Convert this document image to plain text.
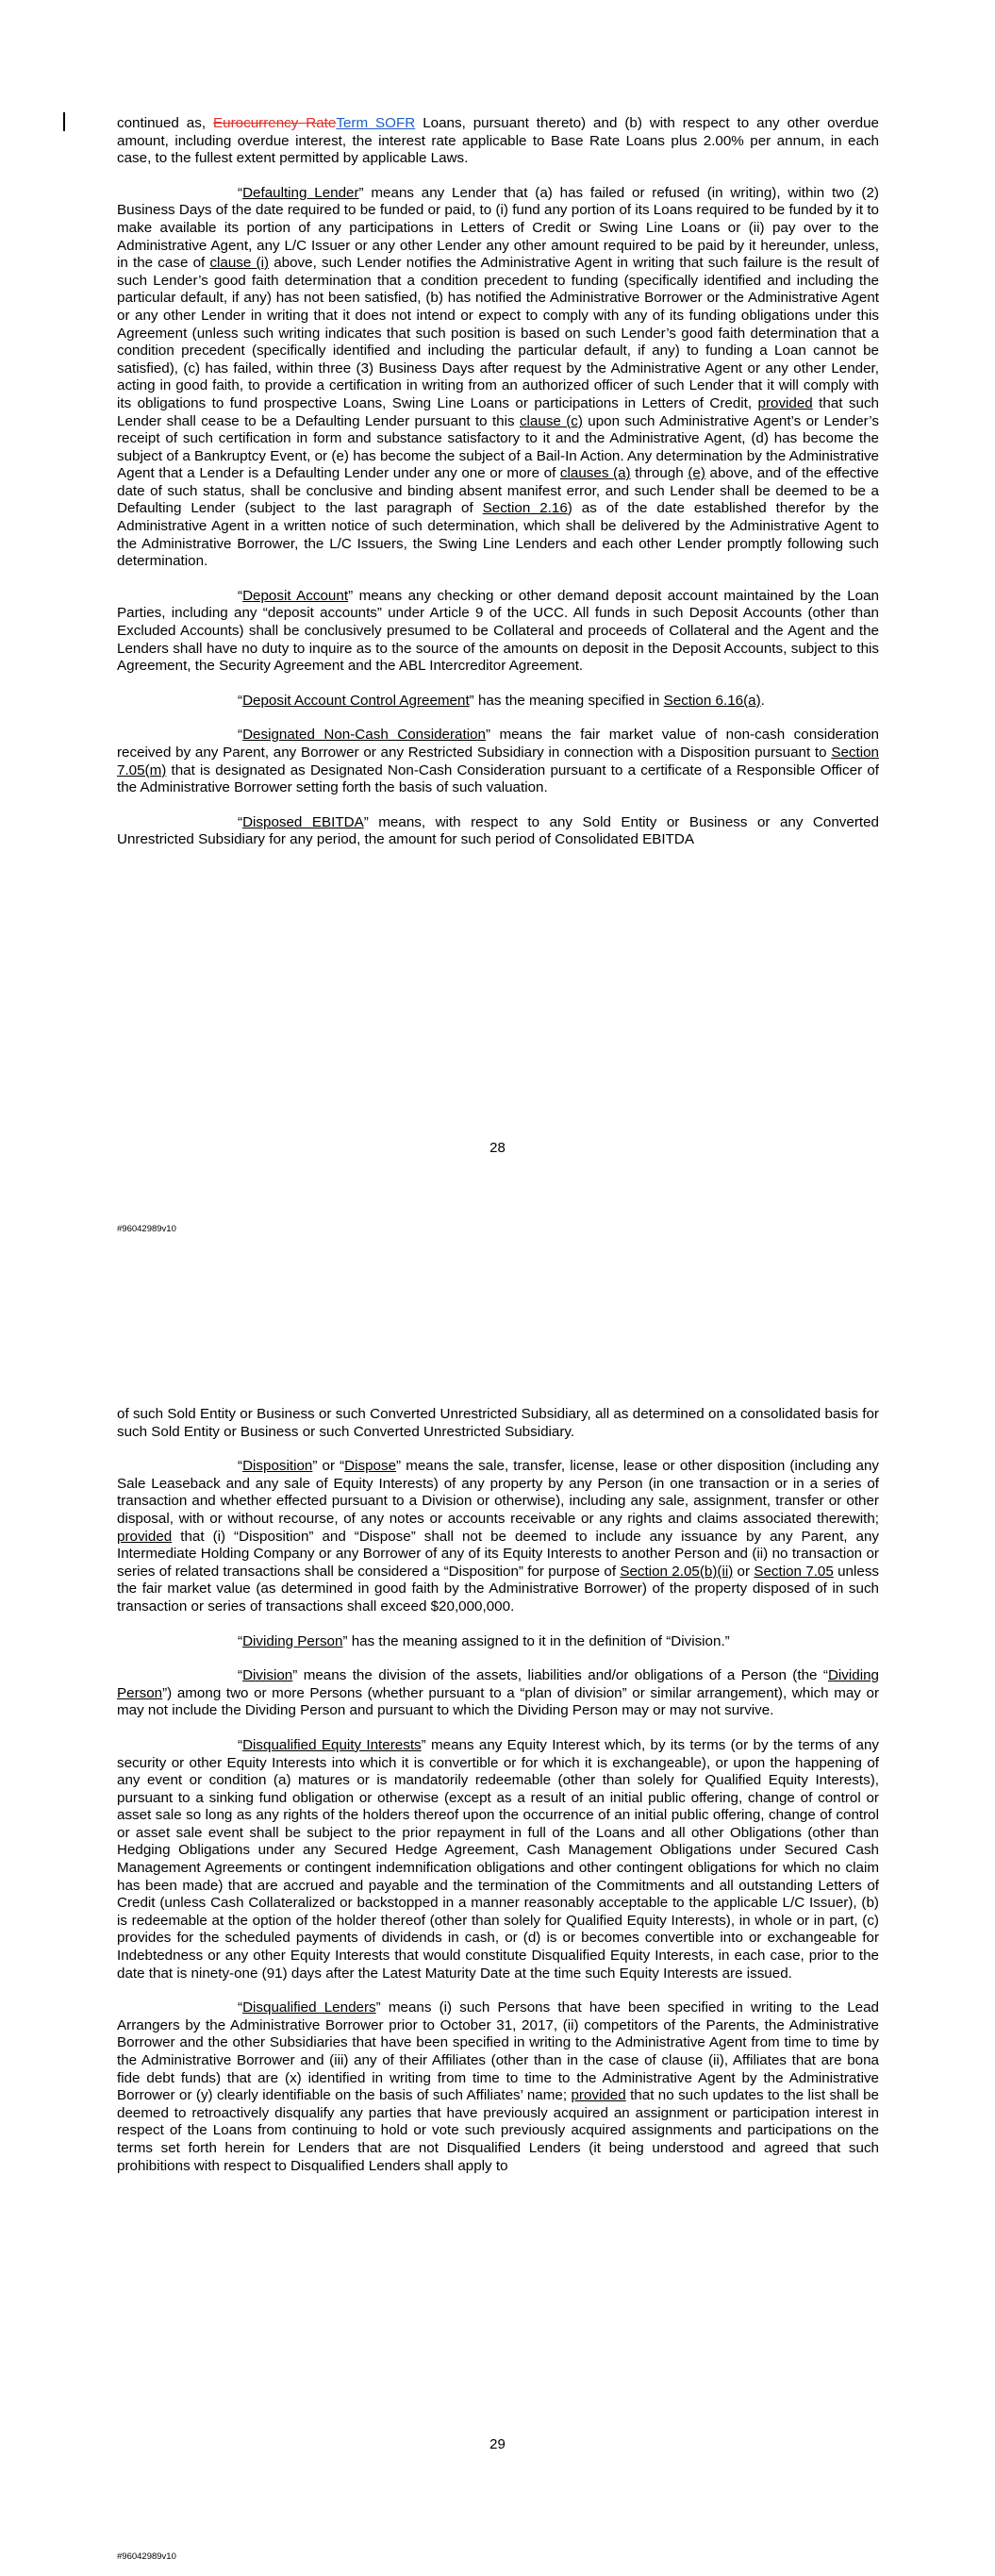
continued as, Eurocurrency RateTerm SOFR Loans, pursuant thereto) and (b) with respect to any other overdue amount, including overdue interest, the interest rate applicable to Base Rate Loans plus 2.00% per annum, in each case, to the fullest extent permitted by applicable Laws.

“Defaulting Lender” means any Lender that (a) has failed or refused (in writing), within two (2) Business Days of the date required to be funded or paid, to (i) fund any portion of its Loans required to be funded by it to make available its portion of any participations in Letters of Credit or Swing Line Loans or (ii) pay over to the Administrative Agent, any L/C Issuer or any other Lender any other amount required to be paid by it hereunder, unless, in the case of clause (i) above, such Lender notifies the Administrative Agent in writing that such failure is the result of such Lender’s good faith determination that a condition precedent to funding (specifically identified and including the particular default, if any) has not been satisfied, (b) has notified the Administrative Borrower or the Administrative Agent or any other Lender in writing that it does not intend or expect to comply with any of its funding obligations under this Agreement (unless such writing indicates that such position is based on such Lender’s good faith determination that a condition precedent (specifically identified and including the particular default, if any) to funding a Loan cannot be satisfied), (c) has failed, within three (3) Business Days after request by the Administrative Agent or any other Lender, acting in good faith, to provide a certification in writing from an authorized officer of such Lender that it will comply with its obligations to fund prospective Loans, Swing Line Loans or participations in Letters of Credit, provided that such Lender shall cease to be a Defaulting Lender pursuant to this clause (c) upon such Administrative Agent’s or Lender’s receipt of such certification in form and substance satisfactory to it and the Administrative Agent, (d) has become the subject of a Bankruptcy Event, or (e) has become the subject of a Bail-In Action. Any determination by the Administrative Agent that a Lender is a Defaulting Lender under any one or more of clauses (a) through (e) above, and of the effective date of such status, shall be conclusive and binding absent manifest error, and such Lender shall be deemed to be a Defaulting Lender (subject to the last paragraph of Section 2.16) as of the date established therefor by the Administrative Agent in a written notice of such determination, which shall be delivered by the Administrative Agent to the Administrative Borrower, the L/C Issuers, the Swing Line Lenders and each other Lender promptly following such determination.

“Deposit Account” means any checking or other demand deposit account maintained by the Loan Parties, including any “deposit accounts” under Article 9 of the UCC. All funds in such Deposit Accounts (other than Excluded Accounts) shall be conclusively presumed to be Collateral and proceeds of Collateral and the Agent and the Lenders shall have no duty to inquire as to the source of the amounts on deposit in the Deposit Accounts, subject to this Agreement, the Security Agreement and the ABL Intercreditor Agreement.

“Deposit Account Control Agreement” has the meaning specified in Section 6.16(a).

“Designated Non-Cash Consideration” means the fair market value of non-cash consideration received by any Parent, any Borrower or any Restricted Subsidiary in connection with a Disposition pursuant to Section 7.05(m) that is designated as Designated Non-Cash Consideration pursuant to a certificate of a Responsible Officer of the Administrative Borrower setting forth the basis of such valuation.

“Disposed EBITDA” means, with respect to any Sold Entity or Business or any Converted Unrestricted Subsidiary for any period, the amount for such period of Consolidated EBITDA

28
#96042989v10

of such Sold Entity or Business or such Converted Unrestricted Subsidiary, all as determined on a consolidated basis for such Sold Entity or Business or such Converted Unrestricted Subsidiary.

“Disposition” or “Dispose” means the sale, transfer, license, lease or other disposition (including any Sale Leaseback and any sale of Equity Interests) of any property by any Person (in one transaction or in a series of transaction and whether effected pursuant to a Division or otherwise), including any sale, assignment, transfer or other disposal, with or without recourse, of any notes or accounts receivable or any rights and claims associated therewith; provided that (i) “Disposition” and “Dispose” shall not be deemed to include any issuance by any Parent, any Intermediate Holding Company or any Borrower of any of its Equity Interests to another Person and (ii) no transaction or series of related transactions shall be considered a “Disposition” for purpose of Section 2.05(b)(ii) or Section 7.05 unless the fair market value (as determined in good faith by the Administrative Borrower) of the property disposed of in such transaction or series of transactions shall exceed $20,000,000.

“Dividing Person” has the meaning assigned to it in the definition of “Division.”

“Division” means the division of the assets, liabilities and/or obligations of a Person (the “Dividing Person”) among two or more Persons (whether pursuant to a “plan of division” or similar arrangement), which may or may not include the Dividing Person and pursuant to which the Dividing Person may or may not survive.

“Disqualified Equity Interests” means any Equity Interest which, by its terms (or by the terms of any security or other Equity Interests into which it is convertible or for which it is exchangeable), or upon the happening of any event or condition (a) matures or is mandatorily redeemable (other than solely for Qualified Equity Interests), pursuant to a sinking fund obligation or otherwise (except as a result of an initial public offering, change of control or asset sale so long as any rights of the holders thereof upon the occurrence of an initial public offering, change of control or asset sale event shall be subject to the prior repayment in full of the Loans and all other Obligations (other than Hedging Obligations under any Secured Hedge Agreement, Cash Management Obligations under Secured Cash Management Agreements or contingent indemnification obligations and other contingent obligations for which no claim has been made) that are accrued and payable and the termination of the Commitments and all outstanding Letters of Credit (unless Cash Collateralized or backstopped in a manner reasonably acceptable to the applicable L/C Issuer), (b) is redeemable at the option of the holder thereof (other than solely for Qualified Equity Interests), in whole or in part, (c) provides for the scheduled payments of dividends in cash, or (d) is or becomes convertible into or exchangeable for Indebtedness or any other Equity Interests that would constitute Disqualified Equity Interests, in each case, prior to the date that is ninety-one (91) days after the Latest Maturity Date at the time such Equity Interests are issued.

“Disqualified Lenders” means (i) such Persons that have been specified in writing to the Lead Arrangers by the Administrative Borrower prior to October 31, 2017, (ii) competitors of the Parents, the Administrative Borrower and the other Subsidiaries that have been specified in writing to the Administrative Agent from time to time by the Administrative Borrower and (iii) any of their Affiliates (other than in the case of clause (ii), Affiliates that are bona fide debt funds) that are (x) identified in writing from time to time to the Administrative Agent by the Administrative Borrower or (y) clearly identifiable on the basis of such Affiliates’ name; provided that no such updates to the list shall be deemed to retroactively disqualify any parties that have previously acquired an assignment or participation interest in respect of the Loans from continuing to hold or vote such previously acquired assignments and participations on the terms set forth herein for Lenders that are not Disqualified Lenders (it being understood and agreed that such prohibitions with respect to Disqualified Lenders shall apply to

29
#96042989v10
